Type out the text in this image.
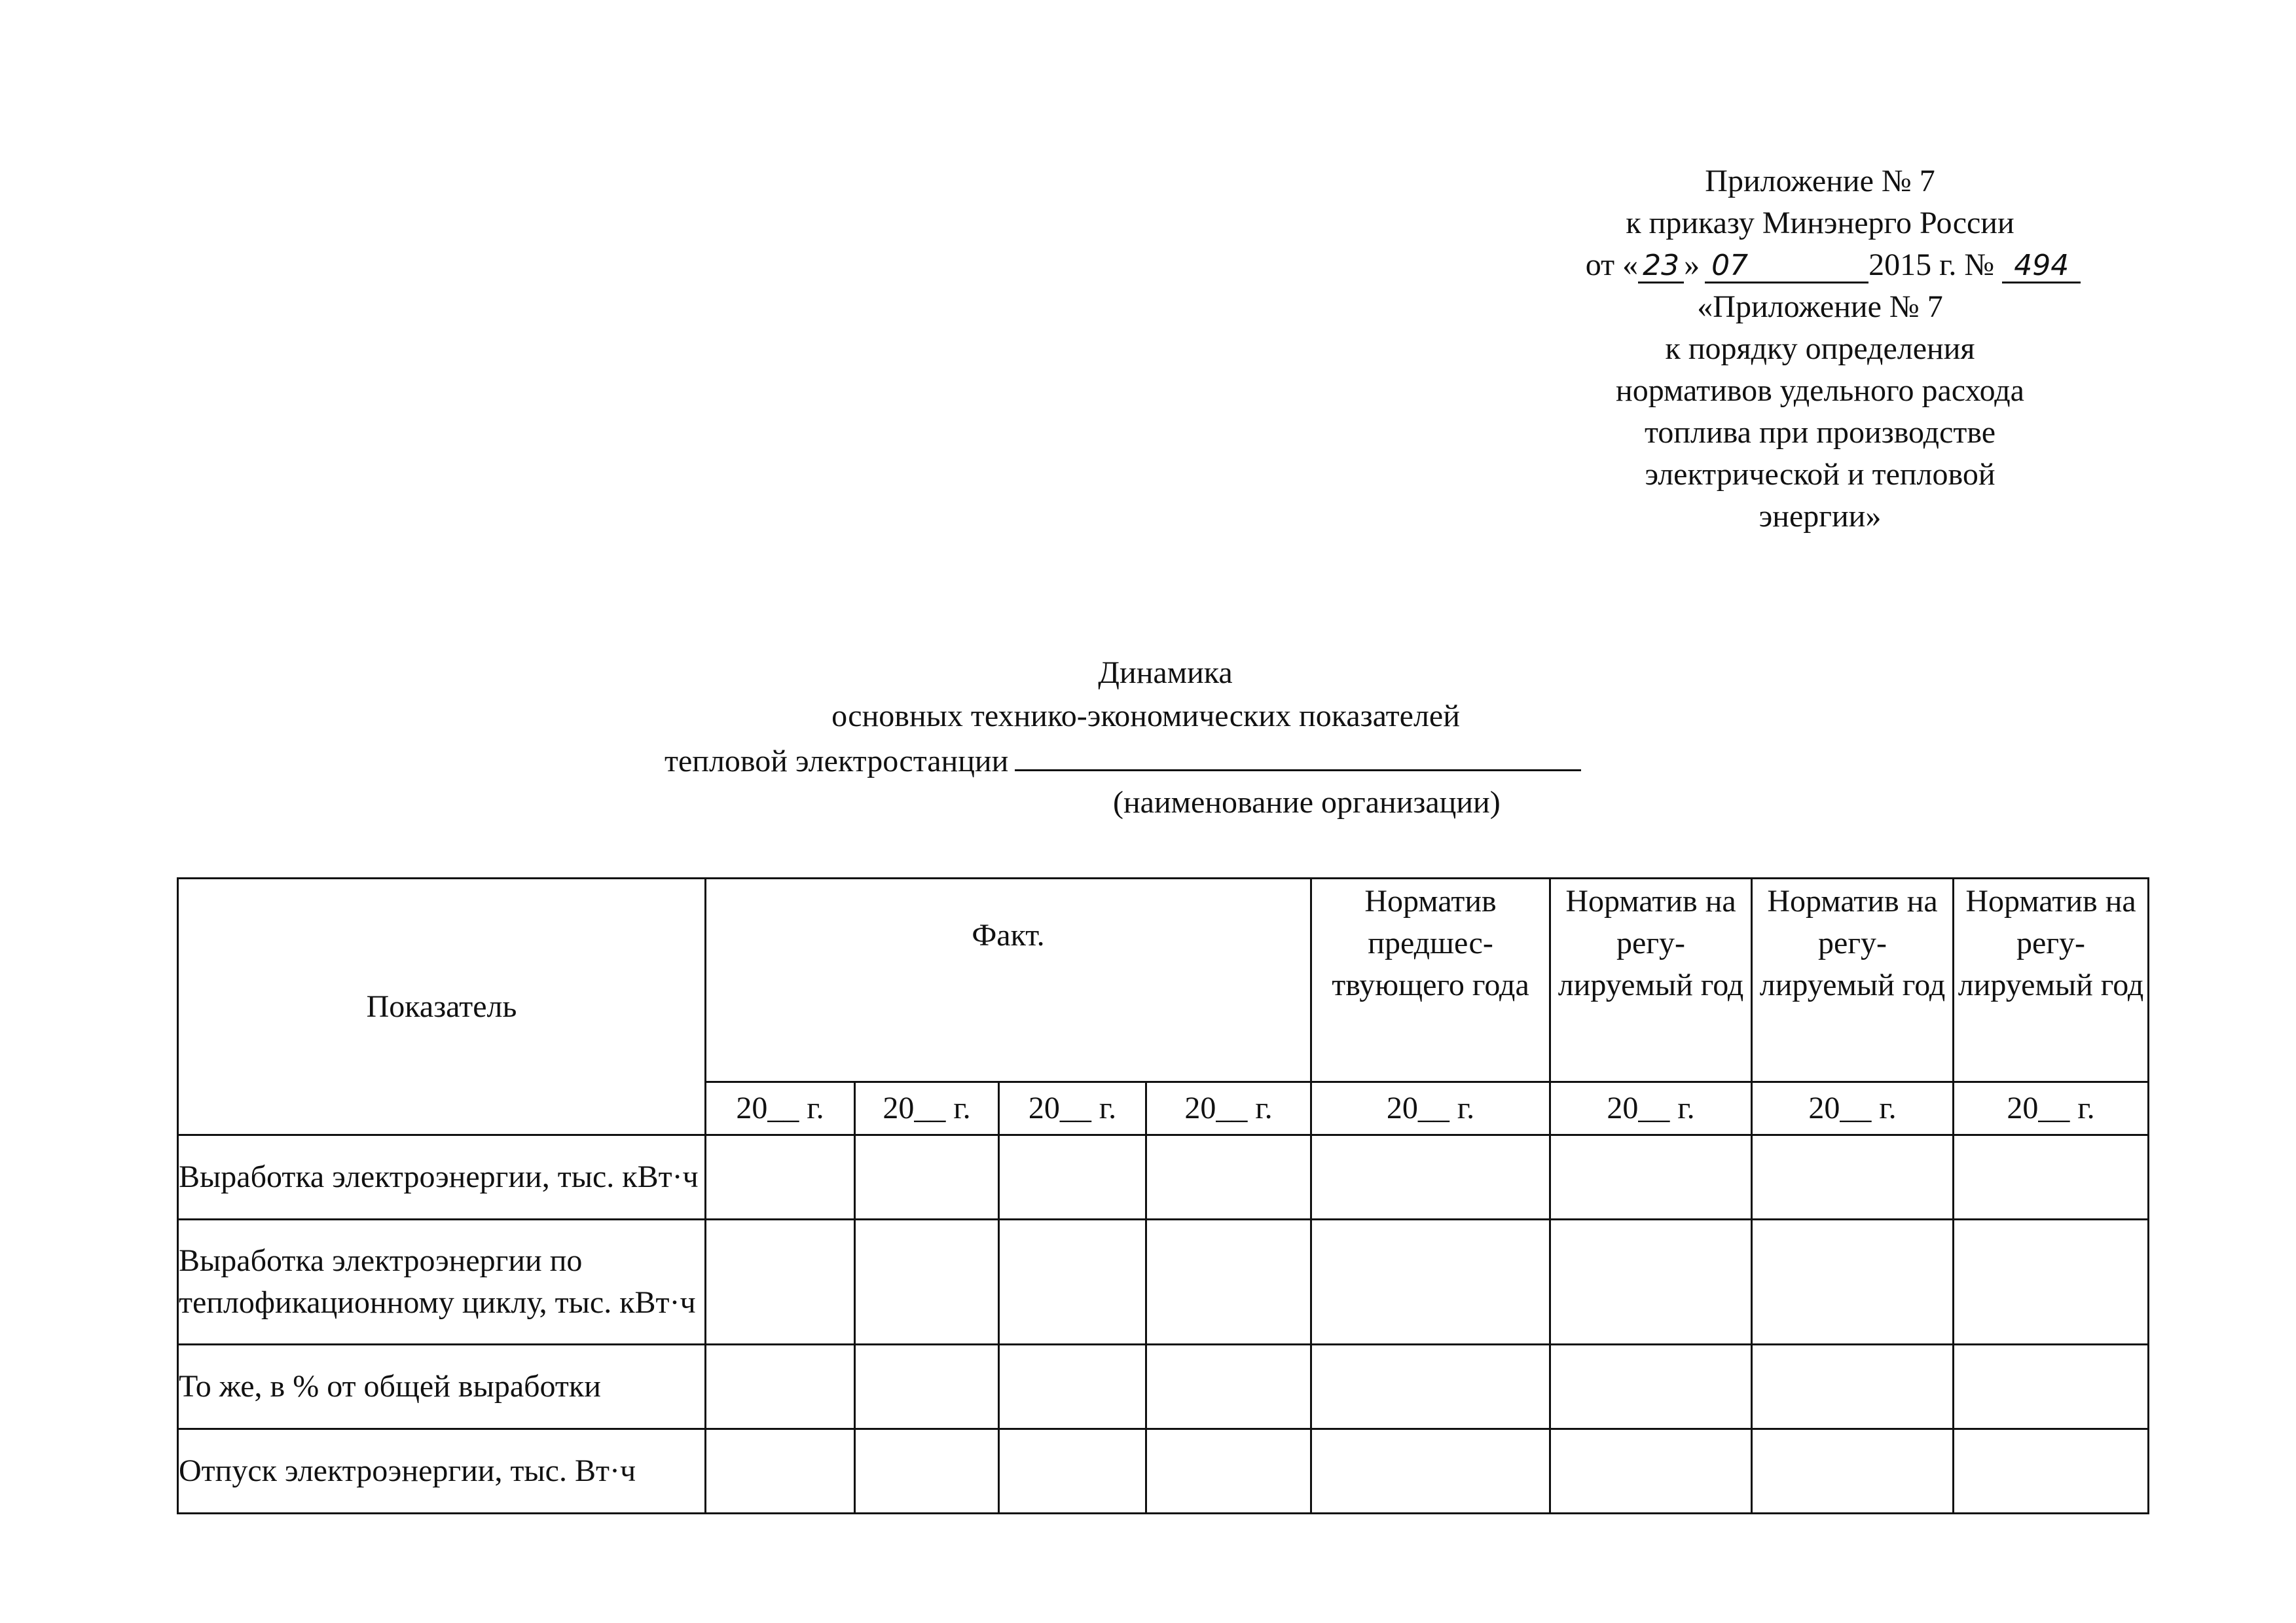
Приложение № 7
к приказу Минэнерго России
от « 23 » 07	2015 г. № 494
«Приложение № 7
к порядку определения
нормативов удельного расхода
топлива при производстве
электрической и тепловой
энергии»
Динамика
основных технико-экономических показателей
тепловой электростанции
(наименование организации)
Показатель	Факт.				Норматив предшес-твующего года	Норматив на регу-лируемый год	Норматив на регу-лируемый год	Норматив на регу-лируемый год
	20__ г.	20__ г.	20__ г.	20__ г.	20__ г.	20__ г.	20__ г.	20__ г.
Выработка электроэнергии, тыс. кВт·ч								
Выработка электроэнергии по теплофикационному циклу, тыс. кВт·ч								
То же, в % от общей выработки								
Отпуск электроэнергии, тыс. Вт·ч								
